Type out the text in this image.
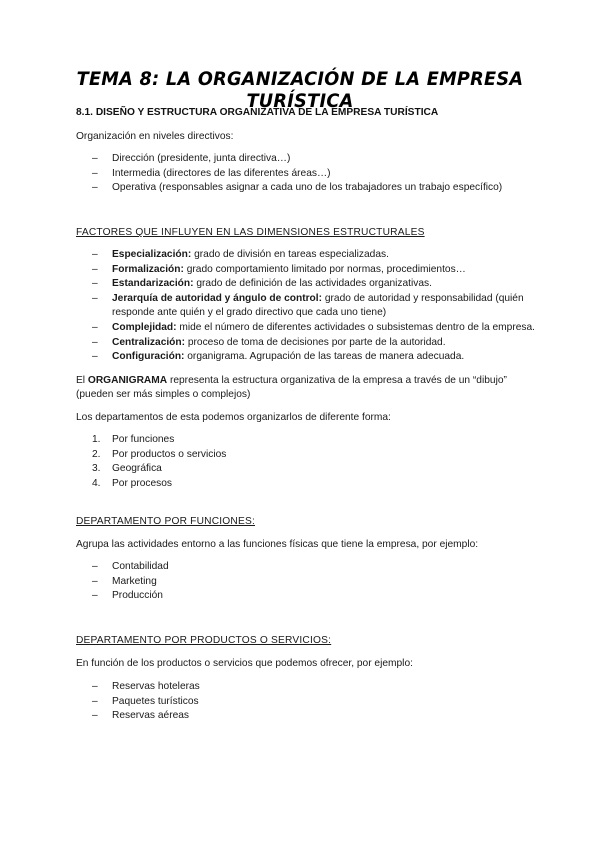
TEMA 8: LA ORGANIZACIÓN DE LA EMPRESA TURÍSTICA
8.1. DISEÑO Y ESTRUCTURA ORGANIZATIVA DE LA EMPRESA TURÍSTICA
Organización en niveles directivos:
– Dirección (presidente, junta directiva…)
– Intermedia (directores de las diferentes áreas…)
– Operativa (responsables asignar a cada uno de los trabajadores un trabajo específico)
FACTORES QUE INFLUYEN EN LAS DIMENSIONES ESTRUCTURALES
– Especialización: grado de división en tareas especializadas.
– Formalización: grado comportamiento limitado por normas, procedimientos…
– Estandarización: grado de definición de las actividades organizativas.
– Jerarquía de autoridad y ángulo de control: grado de autoridad y responsabilidad (quién responde ante quién y el grado directivo que cada uno tiene)
– Complejidad: mide el número de diferentes actividades o subsistemas dentro de la empresa.
– Centralización: proceso de toma de decisiones por parte de la autoridad.
– Configuración: organigrama. Agrupación de las tareas de manera adecuada.
El ORGANIGRAMA representa la estructura organizativa de la empresa a través de un “dibujo” (pueden ser más simples o complejos)
Los departamentos de esta podemos organizarlos de diferente forma:
1. Por funciones
2. Por productos o servicios
3. Geográfica
4. Por procesos
DEPARTAMENTO POR FUNCIONES:
Agrupa las actividades entorno a las funciones físicas que tiene la empresa, por ejemplo:
– Contabilidad
– Marketing
– Producción
DEPARTAMENTO POR PRODUCTOS O SERVICIOS:
En función de los productos o servicios que podemos ofrecer, por ejemplo:
– Reservas hoteleras
– Paquetes turísticos
– Reservas aéreas
